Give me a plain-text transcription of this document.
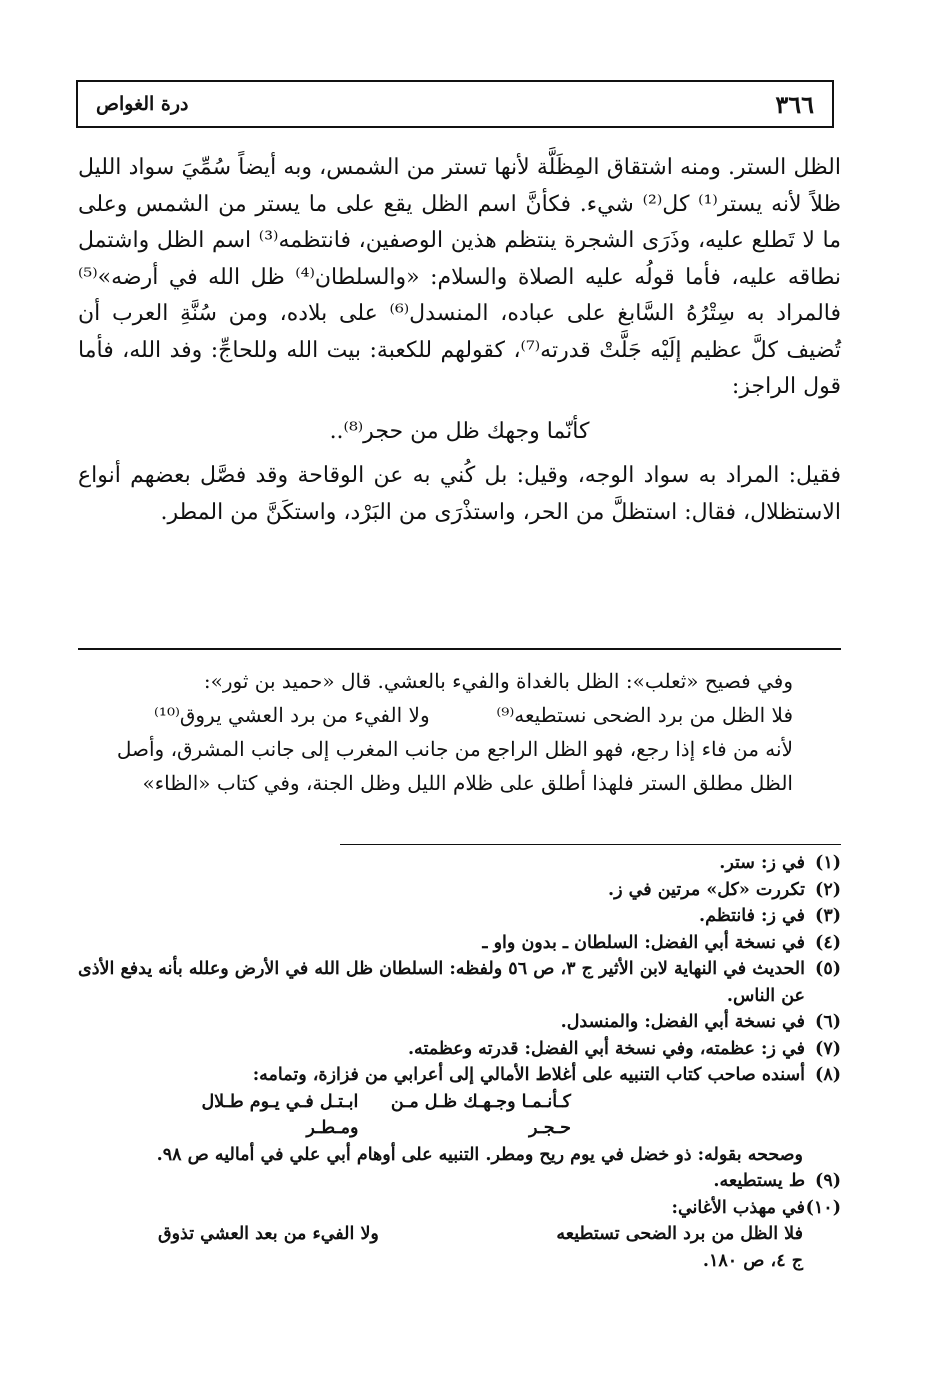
٣٦٦
درة الغواص

الظل الستر. ومنه اشتقاق المِظَلَّة لأنها تستر من الشمس، وبه أيضاً سُمِّيَ سواد الليل ظلاً لأنه يستر⁽¹⁾ كل⁽²⁾ شيء. فكأنَّ اسم الظل يقع على ما يستر من الشمس وعلى ما لا تَطلع عليه، وذَرَى الشجرة ينتظم هذين الوصفين، فانتظمه⁽³⁾ اسم الظل واشتمل نطاقه عليه، فأما قولُه عليه الصلاة والسلام: «والسلطان⁽⁴⁾ ظل الله في أرضه»⁽⁵⁾ فالمراد به سِتْرُهُ السَّابغ على عباده، المنسدل⁽⁶⁾ على بلاده، ومن سُنَّةِ العرب أن تُضيف كلَّ عظيم إلَيْه جَلَّتْ قدرته⁽⁷⁾، كقولهم للكعبة: بيت الله وللحاجِّ: وفد الله، فأما قول الراجز:

كأنّما وجهك ظل من حجر⁽⁸⁾..

فقيل: المراد به سواد الوجه، وقيل: بل كُني به عن الوقاحة وقد فصَّل بعضهم أنواع الاستظلال، فقال: استظلَّ من الحر، واستذْرَى من البَرْد، واستكَنَّ من المطر.

وفي فصيح «ثعلب»: الظل بالغداة والفيء بالعشي. قال «حميد بن ثور»:

فلا الظل من برد الضحى نستطيعه⁽⁹⁾
ولا الفيء من برد العشي يروق⁽¹⁰⁾

لأنه من فاء إذا رجع، فهو الظل الراجع من جانب المغرب إلى جانب المشرق، وأصل الظل مطلق الستر فلهذا أطلق على ظلام الليل وظل الجنة، وفي كتاب «الظاء»

(١)
في ز: ستر.
(٢)
تكررت «كل» مرتين في ز.
(٣)
في ز: فانتظم.
(٤)
في نسخة أبي الفضل: السلطان ـ بدون واو ـ
(٥)
الحديث في النهاية لابن الأثير ج ٣، ص ٥٦ ولفظه: السلطان ظل الله في الأرض وعلله بأنه يدفع الأذى عن الناس.
(٦)
في نسخة أبي الفضل: والمنسدل.
(٧)
في ز: عظمته، وفي نسخة أبي الفضل: قدرته وعظمته.
(٨)
أسنده صاحب كتاب التنبيه على أغلاط الأمالي إلى أعرابي من فزازة، وتمامه:
كـأنـمـا وجـهـك ظـل مـن حـجـر
ابـتـل فـي يـوم طـلال ومـطـر
وصححه بقوله: ذو خضل في يوم ريح ومطر. التنبيه على أوهام أبي علي في أماليه ص ٩٨.
(٩)
ط يستطيعه.
(١٠)
في مهذب الأغاني:
فلا الظل من برد الضحى تستطيعه
ولا الفيء من بعد العشي تذوق
ج ٤، ص ١٨٠.
